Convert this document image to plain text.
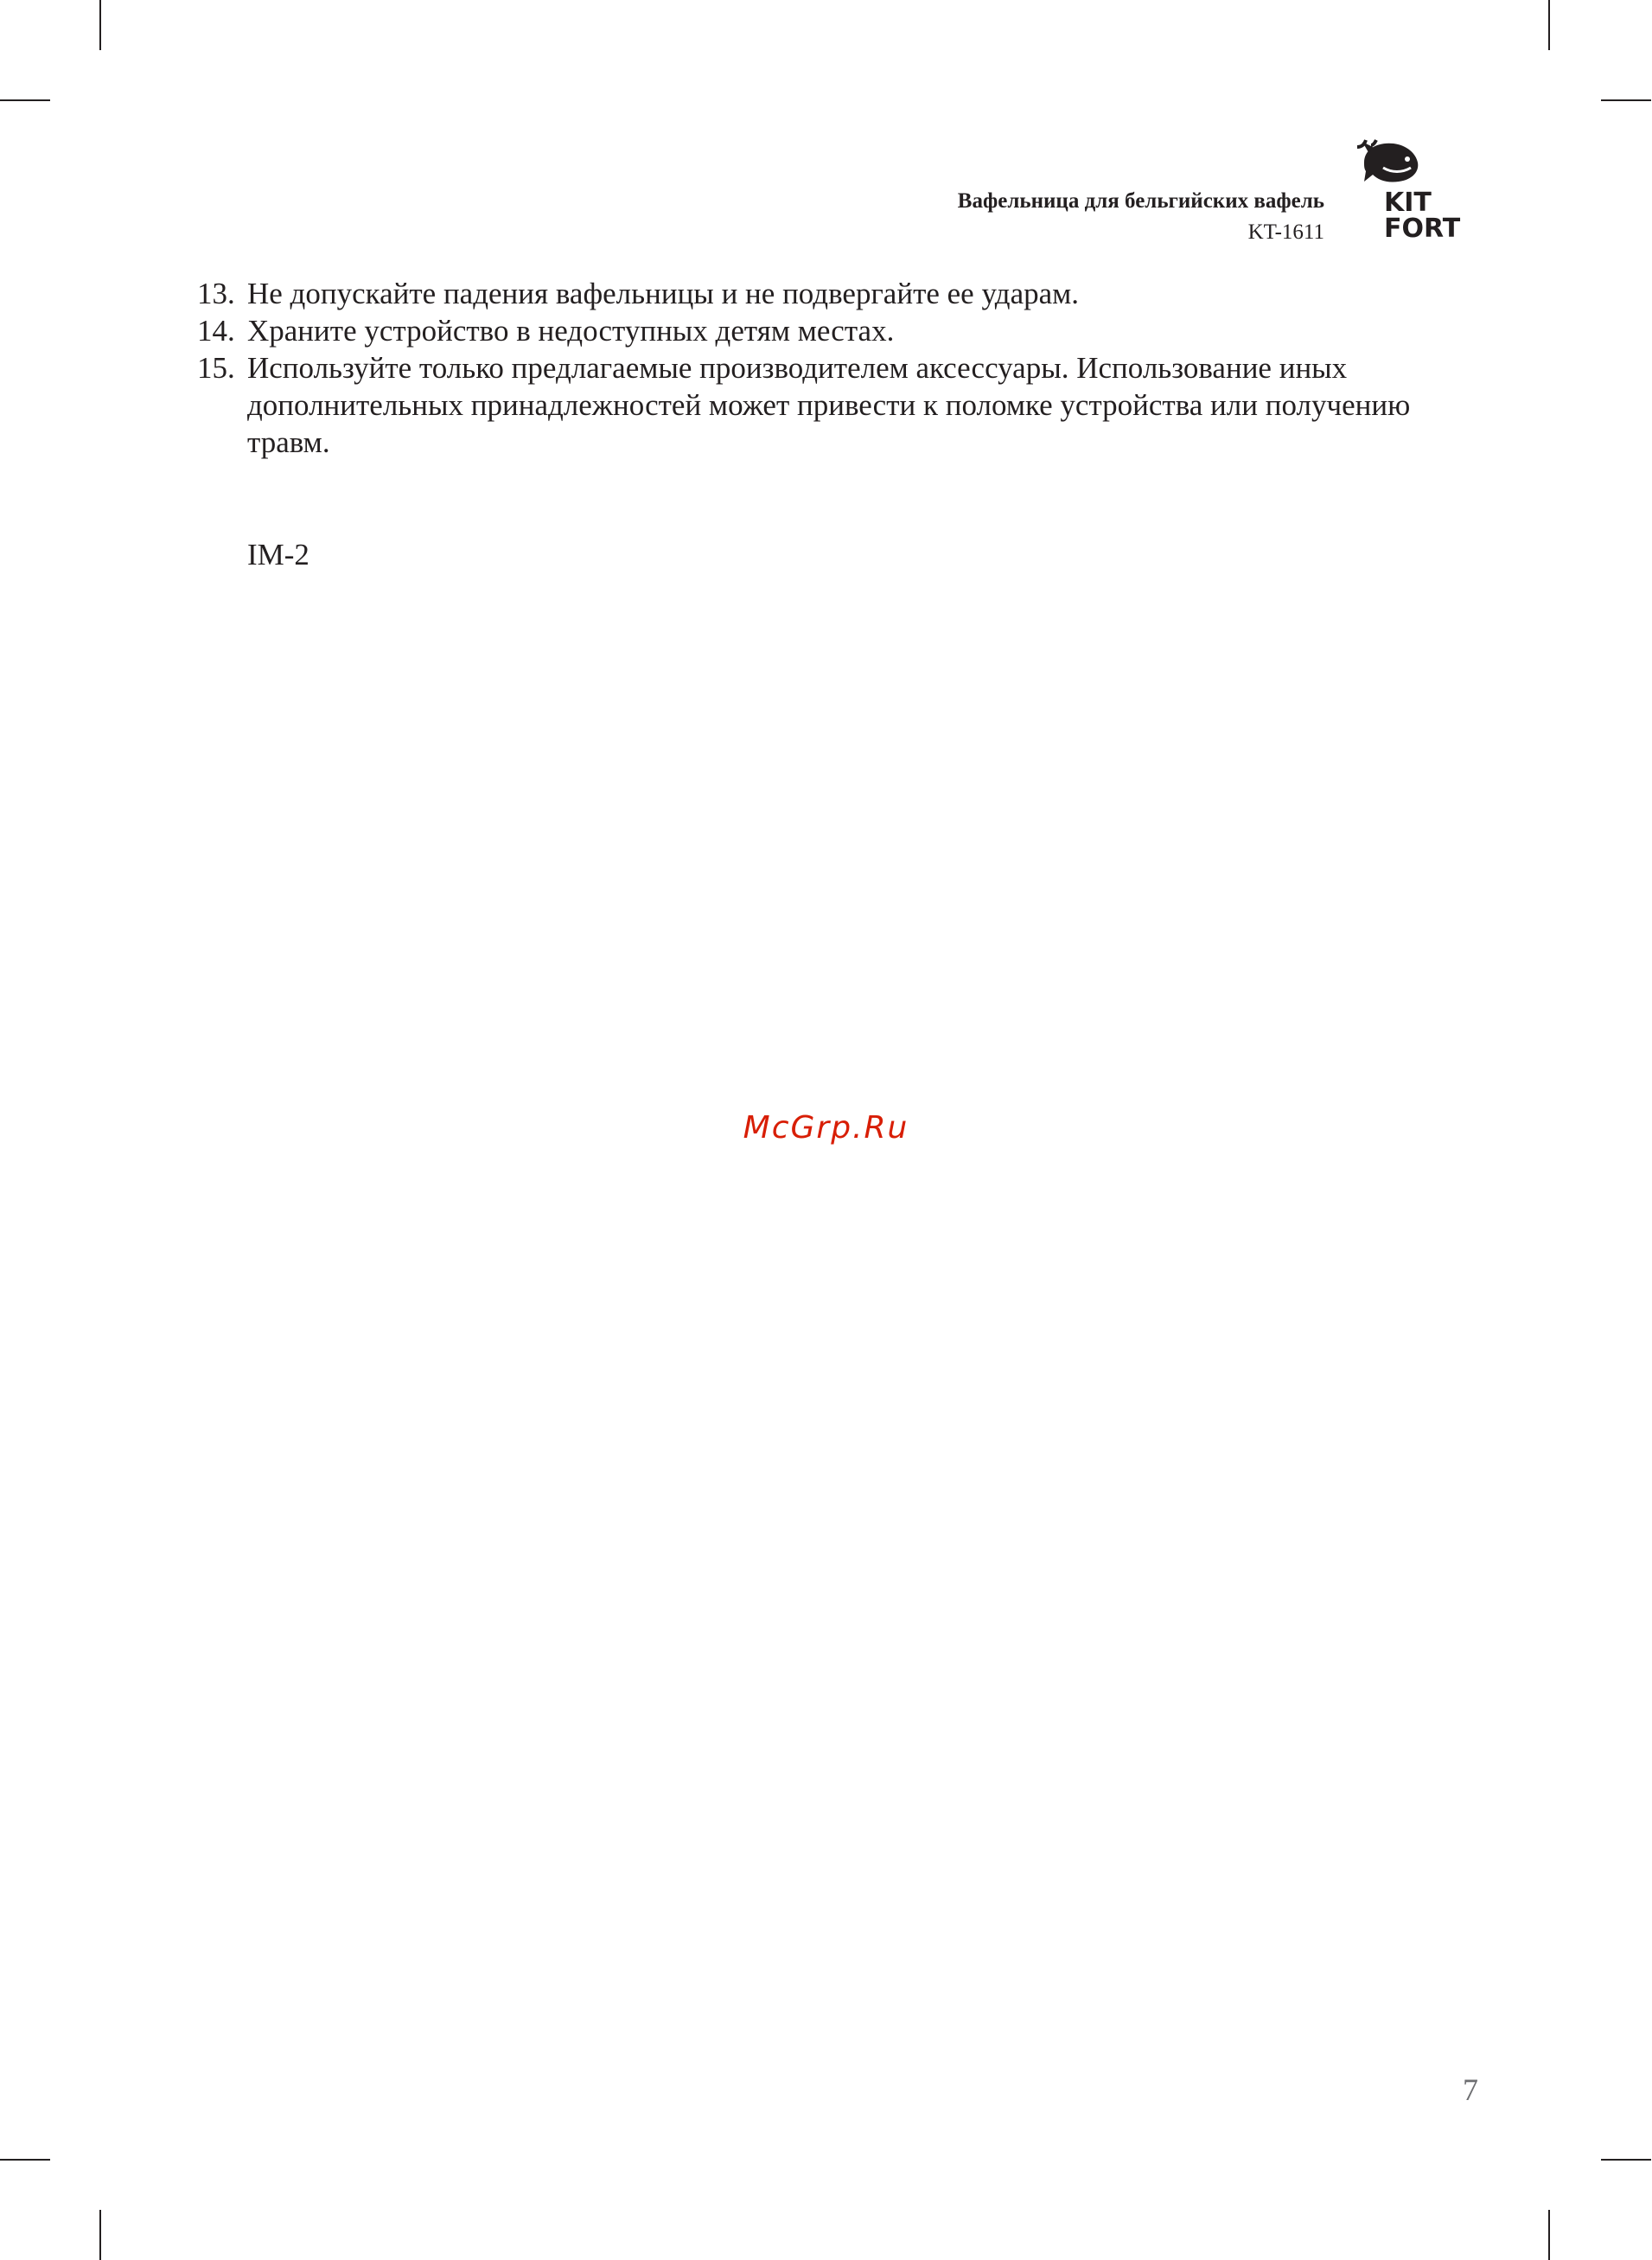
Вафельница для бельгийских вафель
KT-1611
KIT
FORT
13. Не допускайте падения вафельницы и не подвергайте ее ударам.
14. Храните устройство в недоступных детям местах.
15. Используйте только предлагаемые производителем аксессуары. Использование иных дополнительных принадлежностей может привести к поломке устройства или получению травм.
IM-2
McGrp.Ru
7
